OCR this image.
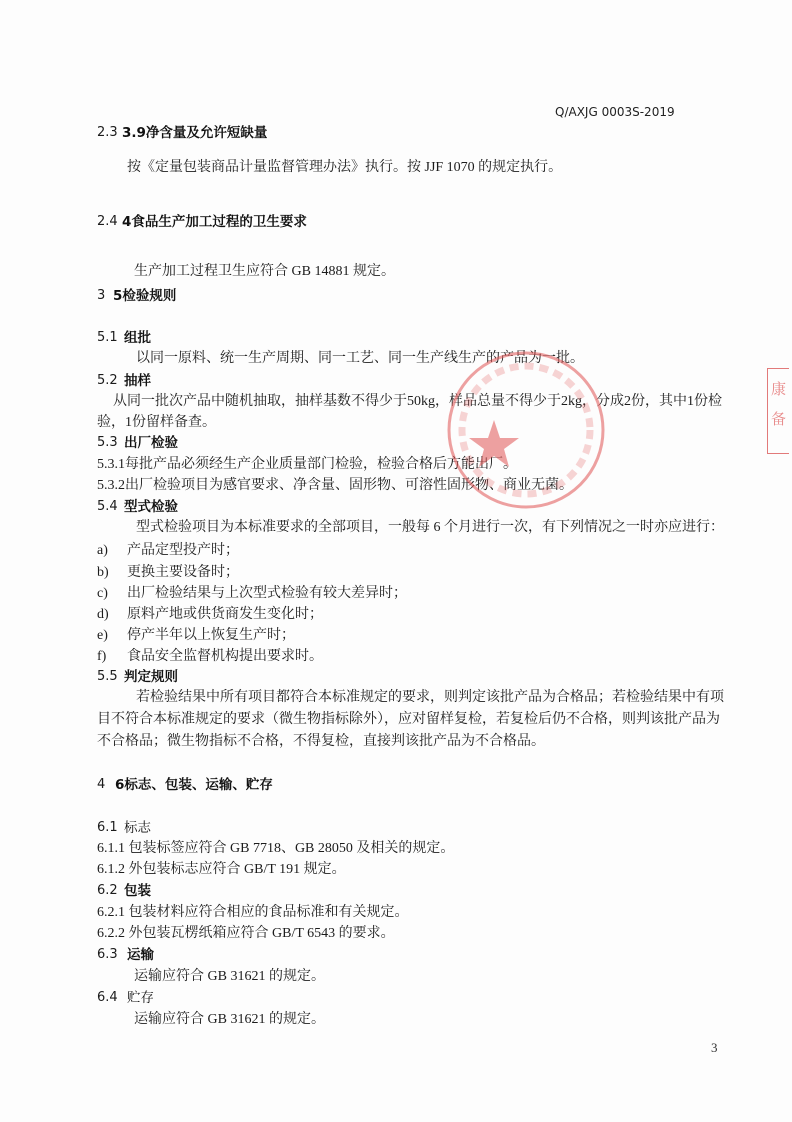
Q/AXJG 0003S-2019
2.3 3.9净含量及允许短缺量
按《定量包装商品计量监督管理办法》执行。按 JJF 1070 的规定执行。
2.4 4食品生产加工过程的卫生要求
生产加工过程卫生应符合 GB 14881 规定。
3 5检验规则
5.1 组批
以同一原料、统一生产周期、同一工艺、同一生产线生产的产品为一批。
5.2 抽样
从同一批次产品中随机抽取，抽样基数不得少于50kg，样品总量不得少于2kg，分成2份，其中1份检
验，1份留样备查。
5.3 出厂检验
5.3.1每批产品必须经生产企业质量部门检验，检验合格后方能出厂。
5.3.2出厂检验项目为感官要求、净含量、固形物、可溶性固形物、商业无菌。
5.4 型式检验
型式检验项目为本标准要求的全部项目，一般每 6 个月进行一次，有下列情况之一时亦应进行：
a) 产品定型投产时；
b) 更换主要设备时；
c) 出厂检验结果与上次型式检验有较大差异时；
d) 原料产地或供货商发生变化时；
e) 停产半年以上恢复生产时；
f) 食品安全监督机构提出要求时。
5.5 判定规则
若检验结果中所有项目都符合本标准规定的要求，则判定该批产品为合格品；若检验结果中有项
目不符合本标准规定的要求（微生物指标除外），应对留样复检，若复检后仍不合格，则判该批产品为
不合格品；微生物指标不合格，不得复检，直接判该批产品为不合格品。
4 6标志、包装、运输、贮存
6.1 标志
6.1.1 包装标签应符合 GB 7718、GB 28050 及相关的规定。
6.1.2 外包装标志应符合 GB/T 191 规定。
6.2 包装
6.2.1 包装材料应符合相应的食品标准和有关规定。
6.2.2 外包装瓦楞纸箱应符合 GB/T 6543 的要求。
6.3 运输
运输应符合 GB 31621 的规定。
6.4 贮存
运输应符合 GB 31621 的规定。
3
康
备
